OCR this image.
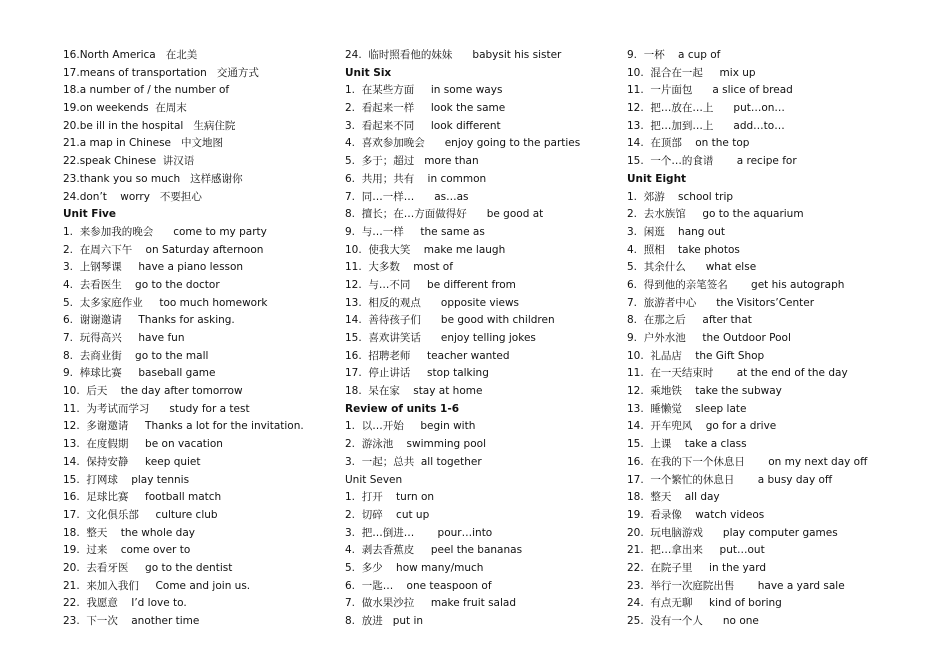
16.North America   在北美
17.means of transportation   交通方式
18.a number of / the number of
19.on weekends  在周末
20.be ill in the hospital   生病住院
21.a map in Chinese   中文地图
22.speak Chinese  讲汉语
23.thank you so much   这样感谢你
24.don’t    worry   不要担心
Unit Five
1.  来参加我的晚会      come to my party
2.  在周六下午    on Saturday afternoon
3.  上钢琴课     have a piano lesson
4.  去看医生    go to the doctor
5.  太多家庭作业     too much homework
6.  谢谢邀请     Thanks for asking.
7.  玩得高兴     have fun
8.  去商业街    go to the mall
9.  棒球比赛     baseball game
10.  后天    the day after tomorrow
11.  为考试而学习      study for a test
12.  多谢邀请     Thanks a lot for the invitation.
13.  在度假期     be on vacation
14.  保持安静     keep quiet
15.  打网球    play tennis
16.  足球比赛     football match
17.  文化俱乐部     culture club
18.  整天    the whole day
19.  过来    come over to
20.  去看牙医     go to the dentist
21.  来加入我们     Come and join us.
22.  我愿意    I’d love to.
23.  下一次    another time
24.  临时照看他的妹妹      babysit his sister
Unit Six
1.  在某些方面     in some ways
2.  看起来一样     look the same
3.  看起来不同     look different
4.  喜欢参加晚会      enjoy going to the parties
5.  多于；超过   more than
6.  共用；共有    in common
7.  同…一样…      as…as
8.  擅长；在…方面做得好      be good at
9.  与…一样     the same as
10.  使我大笑    make me laugh
11.  大多数    most of
12.  与…不同     be different from
13.  相反的观点      opposite views
14.  善待孩子们      be good with children
15.  喜欢讲笑话      enjoy telling jokes
16.  招聘老师     teacher wanted
17.  停止讲话     stop talking
18.  呆在家    stay at home
Review of units 1-6
1.  以…开始     begin with
2.  游泳池    swimming pool
3.  一起；总共  all together
Unit Seven
1.  打开    turn on
2.  切碎    cut up
3.  把…倒进…       pour…into
4.  剥去香蕉皮     peel the bananas
5.  多少    how many/much
6.  一匙…    one teaspoon of
7.  做水果沙拉     make fruit salad
8.  放进   put in
9.  一杯    a cup of
10.  混合在一起     mix up
11.  一片面包      a slice of bread
12.  把…放在…上      put…on…
13.  把…加到…上      add…to…
14.  在顶部    on the top
15.  一个…的食谱       a recipe for
Unit Eight
1.  郊游    school trip
2.  去水族馆     go to the aquarium
3.  闲逛    hang out
4.  照相    take photos
5.  其余什么      what else
6.  得到他的亲笔签名       get his autograph
7.  旅游者中心      the Visitors’Center
8.  在那之后     after that
9.  户外水池     the Outdoor Pool
10.  礼品店    the Gift Shop
11.  在一天结束时       at the end of the day
12.  乘地铁    take the subway
13.  睡懒觉    sleep late
14.  开车兜风    go for a drive
15.  上课    take a class
16.  在我的下一个休息日       on my next day off
17.  一个繁忙的休息日       a busy day off
18.  整天    all day
19.  看录像    watch videos
20.  玩电脑游戏      play computer games
21.  把…拿出来     put…out
22.  在院子里     in the yard
23.  举行一次庭院出售       have a yard sale
24.  有点无聊     kind of boring
25.  没有一个人      no one
